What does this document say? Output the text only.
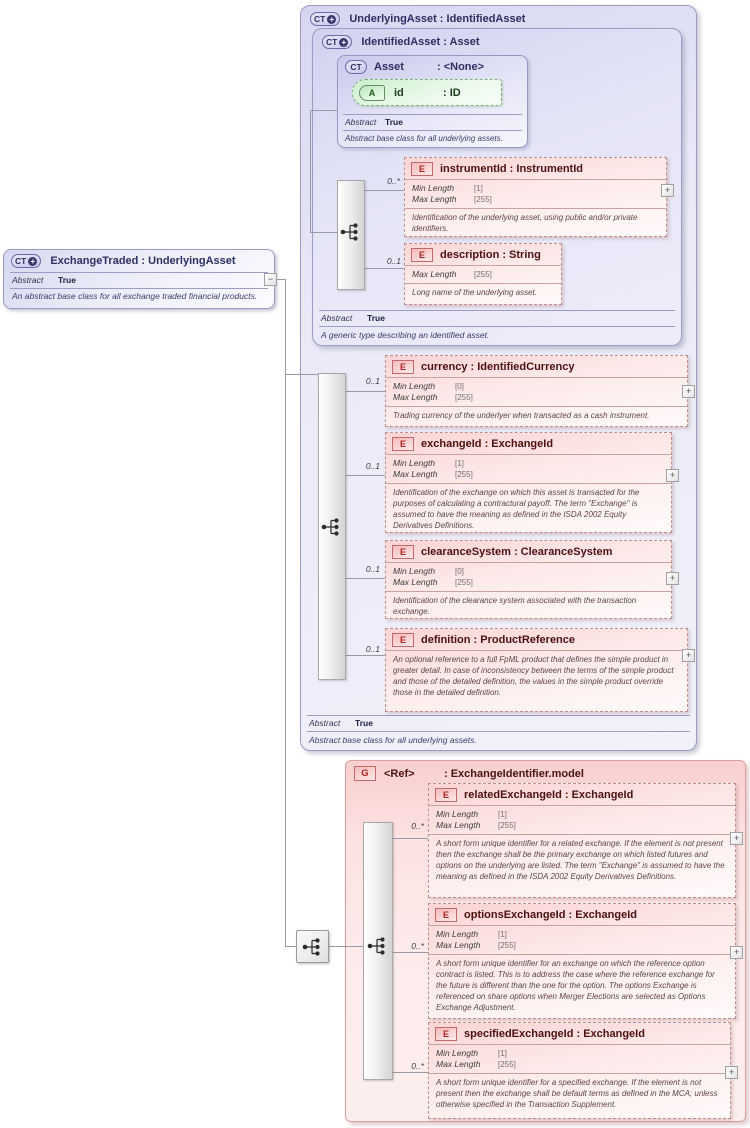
CT + UnderlyingAsset : IdentifiedAsset
Abstract	True
Abstract base class for all underlying assets.
CT + IdentifiedAsset : Asset
Abstract	True
A generic type describing an identified asset.
CT Asset	: <None>
Abstract	True
Abstract base class for all underlying assets.
A	id	: ID
CT + ExchangeTraded : UnderlyingAsset
Abstract	True
An abstract base class for all exchange traded financial products.
−
0..*
E	instrumentId : InstrumentId
Min Length	[1]
Max Length	[255]
Identification of the underlying asset, using public and/or private identifiers.
+
0..1
E	description : String
Max Length	[255]
Long name of the underlying asset.
0..1
E	currency : IdentifiedCurrency
Min Length	[0]
Max Length	[255]
Trading currency of the underlyer when transacted as a cash instrument.
+
0..1
E	exchangeId : ExchangeId
Min Length	[1]
Max Length	[255]
Identification of the exchange on which this asset is transacted for the purposes of calculating a contractural payoff. The term "Exchange" is assumed to have the meaning as defined in the ISDA 2002 Equity Derivatives Definitions.
+
0..1
E	clearanceSystem : ClearanceSystem
Min Length	[0]
Max Length	[255]
Identification of the clearance system associated with the transaction exchange.
+
0..1
E	definition : ProductReference
An optional reference to a full FpML product that defines the simple product in greater detail. In case of inconsistency between the terms of the simple product and those of the detailed definition, the values in the simple product override those in the detailed definition.
+
G	<Ref>	: ExchangeIdentifier.model
0..*
E	relatedExchangeId : ExchangeId
Min Length	[1]
Max Length	[255]
A short form unique identifier for a related exchange. If the element is not present then the exchange shall be the primary exchange on which listed futures and options on the underlying are listed. The term "Exchange" is assumed to have the meaning as defined in the ISDA 2002 Equity Derivatives Definitions.
+
0..*
E	optionsExchangeId : ExchangeId
Min Length	[1]
Max Length	[255]
A short form unique identifier for an exchange on which the reference option contract is listed. This is to address the case where the reference exchange for the future is different than the one for the option. The options Exchange is referenced on share options when Merger Elections are selected as Options Exchange Adjustment.
+
0..*
E	specifiedExchangeId : ExchangeId
Min Length	[1]
Max Length	[255]
A short form unique identifier for a specified exchange. If the element is not present then the exchange shall be default terms as defined in the MCA; unless otherwise specified in the Transaction Supplement.
+
